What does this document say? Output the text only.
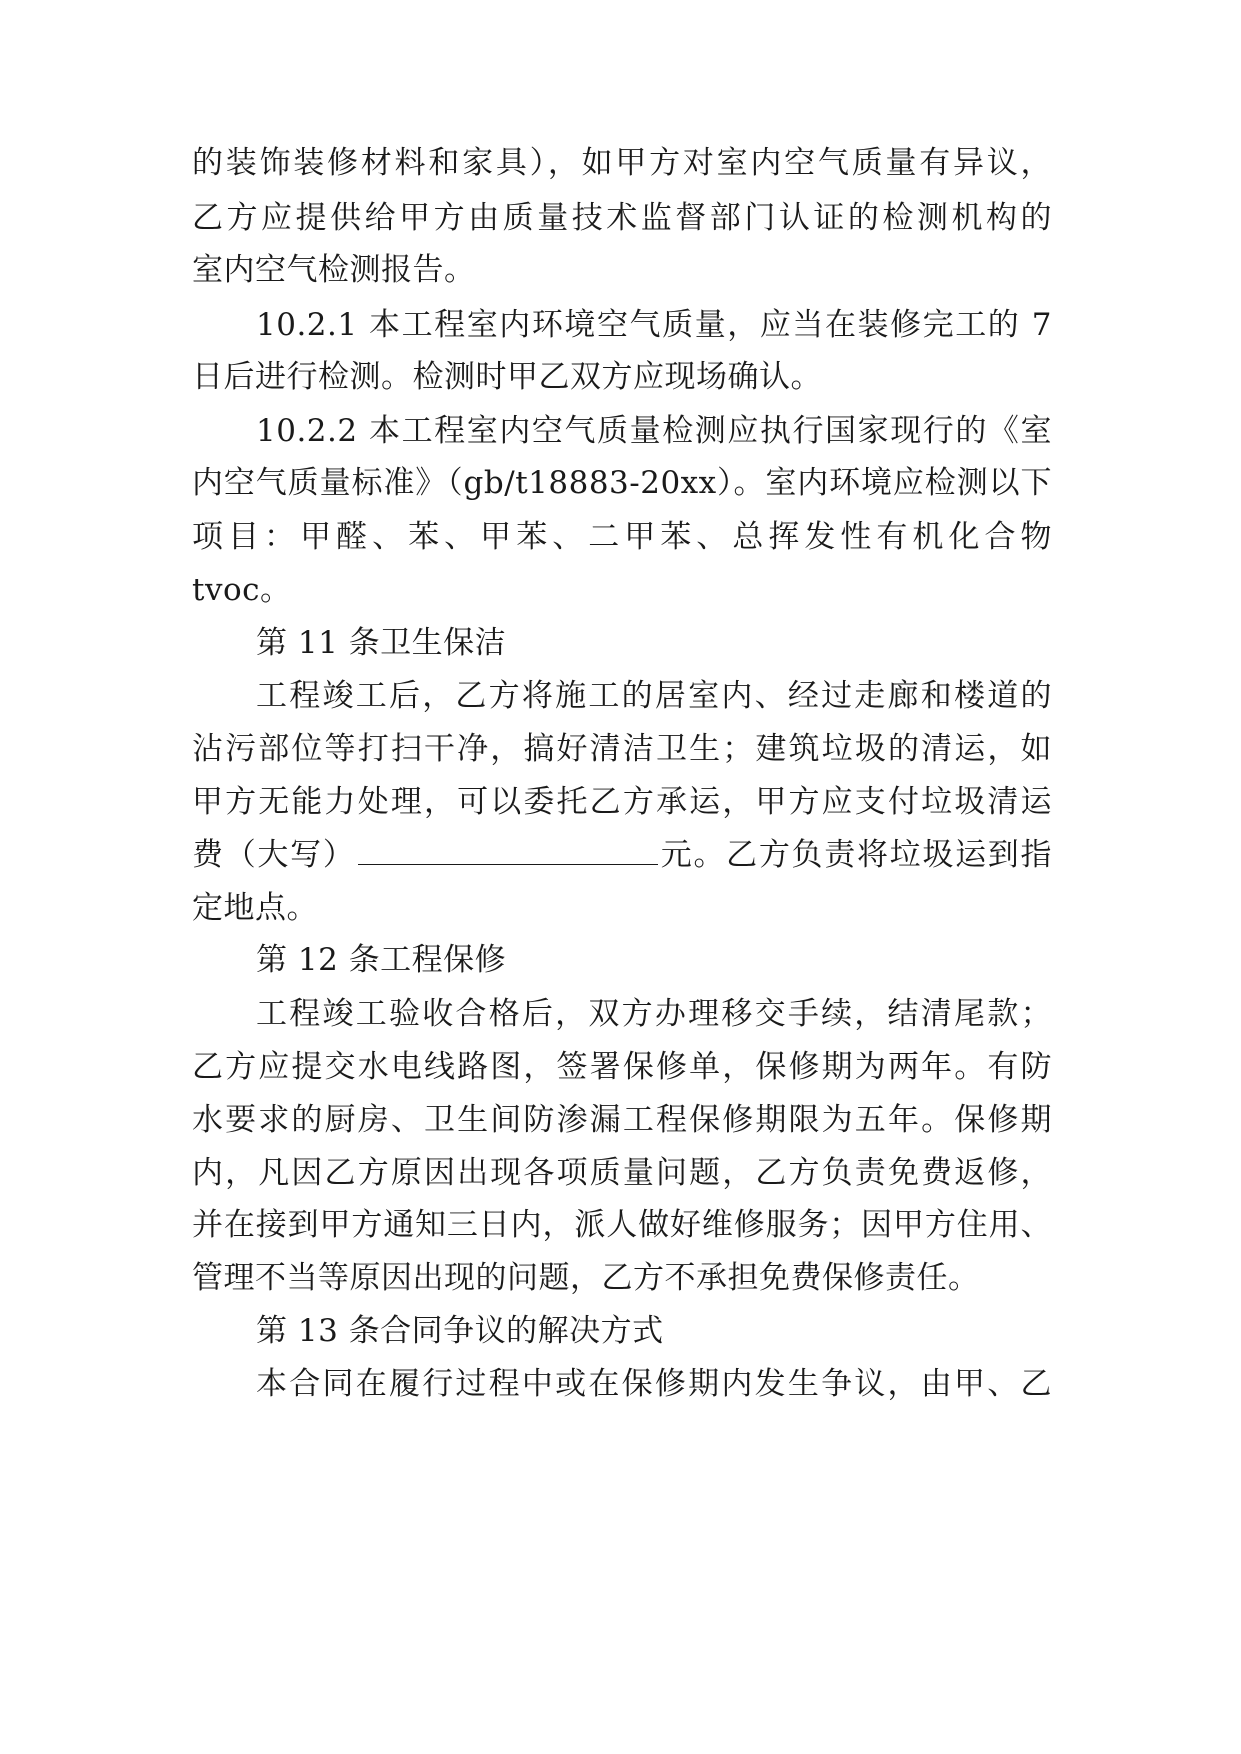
的装饰装修材料和家具），如甲方对室内空气质量有异议，
乙方应提供给甲方由质量技术监督部门认证的检测机构的
室内空气检测报告。
10.2.1 本工程室内环境空气质量，应当在装修完工的 7
日后进行检测。检测时甲乙双方应现场确认。
10.2.2 本工程室内空气质量检测应执行国家现行的《室
内空气质量标准》（gb/t18883-20xx）。室内环境应检测以下
项目：甲醛、苯、甲苯、二甲苯、总挥发性有机化合物
tvoc。
第 11 条卫生保洁
工程竣工后，乙方将施工的居室内、经过走廊和楼道的
沾污部位等打扫干净，搞好清洁卫生；建筑垃圾的清运，如
甲方无能力处理，可以委托乙方承运，甲方应支付垃圾清运
费（大写）	元。乙方负责将垃圾运到指
定地点。
第 12 条工程保修
工程竣工验收合格后，双方办理移交手续，结清尾款；
乙方应提交水电线路图，签署保修单，保修期为两年。有防
水要求的厨房、卫生间防渗漏工程保修期限为五年。保修期
内，凡因乙方原因出现各项质量问题，乙方负责免费返修，
并在接到甲方通知三日内，派人做好维修服务；因甲方住用、
管理不当等原因出现的问题，乙方不承担免费保修责任。
第 13 条合同争议的解决方式
本合同在履行过程中或在保修期内发生争议，由甲、乙
